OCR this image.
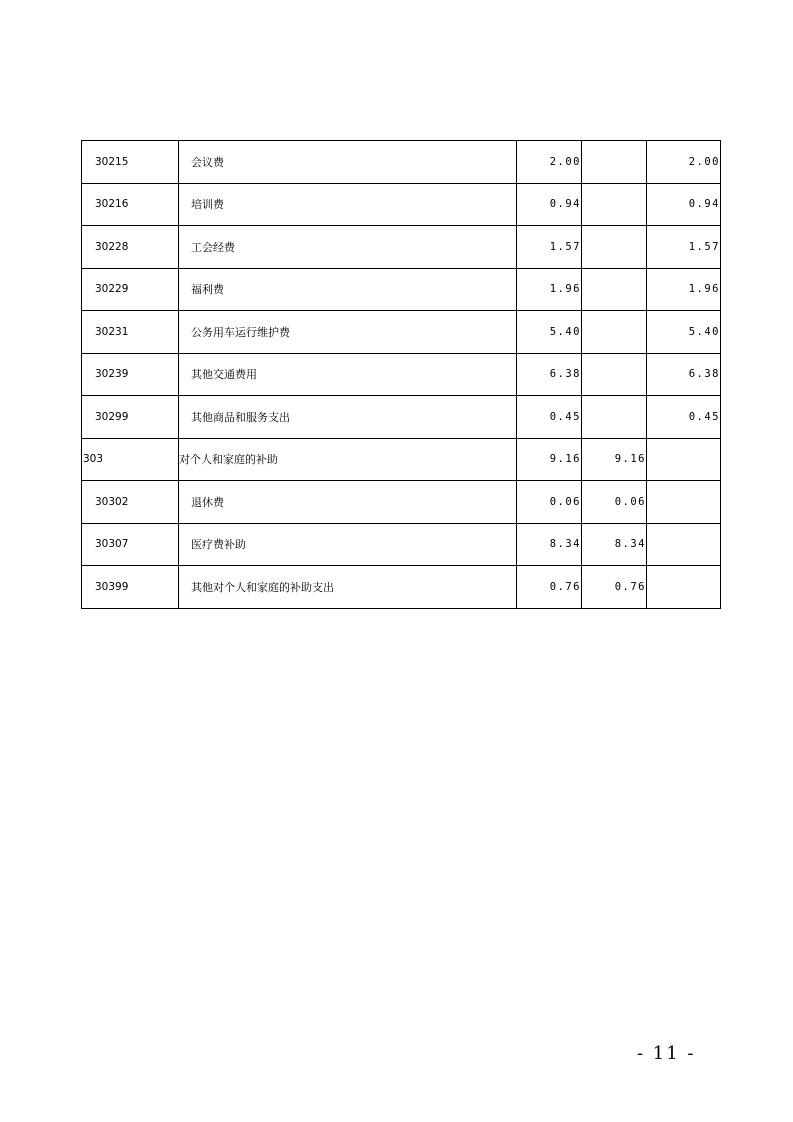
30215	会议费	2.00		2.00
30216	培训费	0.94		0.94
30228	工会经费	1.57		1.57
30229	福利费	1.96		1.96
30231	公务用车运行维护费	5.40		5.40
30239	其他交通费用	6.38		6.38
30299	其他商品和服务支出	0.45		0.45
303	对个人和家庭的补助	9.16	9.16	
30302	退休费	0.06	0.06	
30307	医疗费补助	8.34	8.34	
30399	其他对个人和家庭的补助支出	0.76	0.76	
- 11 -
